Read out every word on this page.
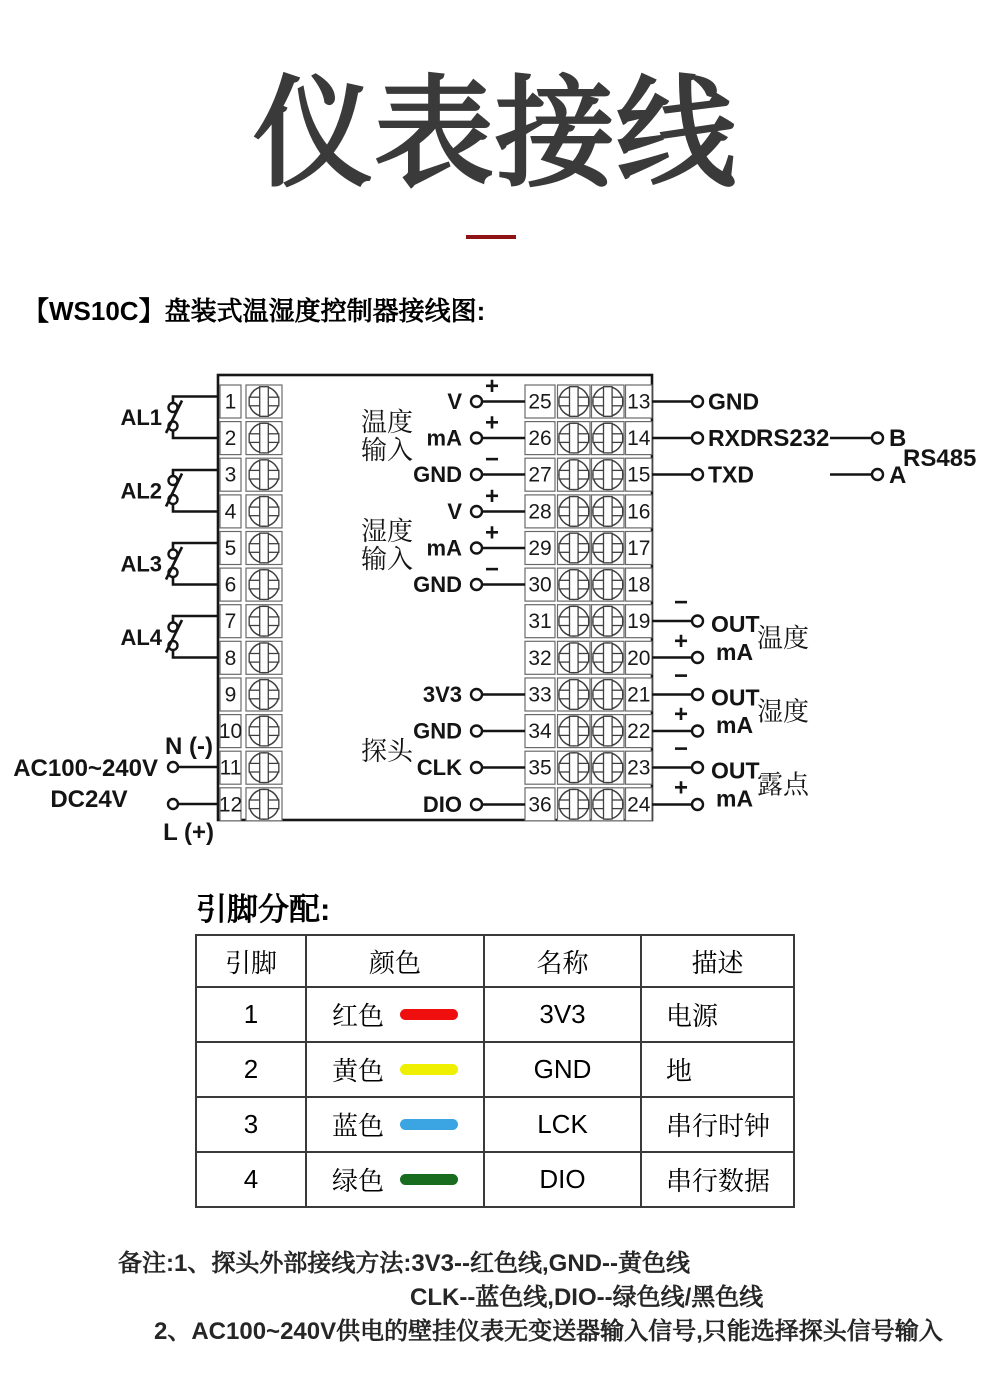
仪表接线
【WS10C】盘装式温湿度控制器接线图:
1
2
3
4
5
6
7
8
9
10
11
12
25
26
27
28
29
30
31
32
33
34
35
36
13
14
15
16
17
18
19
20
21
22
23
24
AL1
AL2
AL3
AL4
N (-)
L (+)
AC100~240V
DC24V
温度
输入
V
+
mA
+
GND
−
湿度
输入
V
+
mA
+
GND
−
探头
3V3
GND
CLK
DIO
GND
RXD
TXD
RS232 B
RS485
A
−
+
OUT
mA 温度
−
+
OUT
mA 湿度
−
+
OUT
mA 露点
引脚分配:
引脚	颜色	名称	描述
1	红色	3V3	电源
2	黄色	GND	地
3	蓝色	LCK	串行时钟
4	绿色	DIO	串行数据
备注:1、探头外部接线方法:3V3--红色线,GND--黄色线
CLK--蓝色线,DIO--绿色线/黑色线
2、AC100~240V供电的壁挂仪表无变送器输入信号,只能选择探头信号输入
